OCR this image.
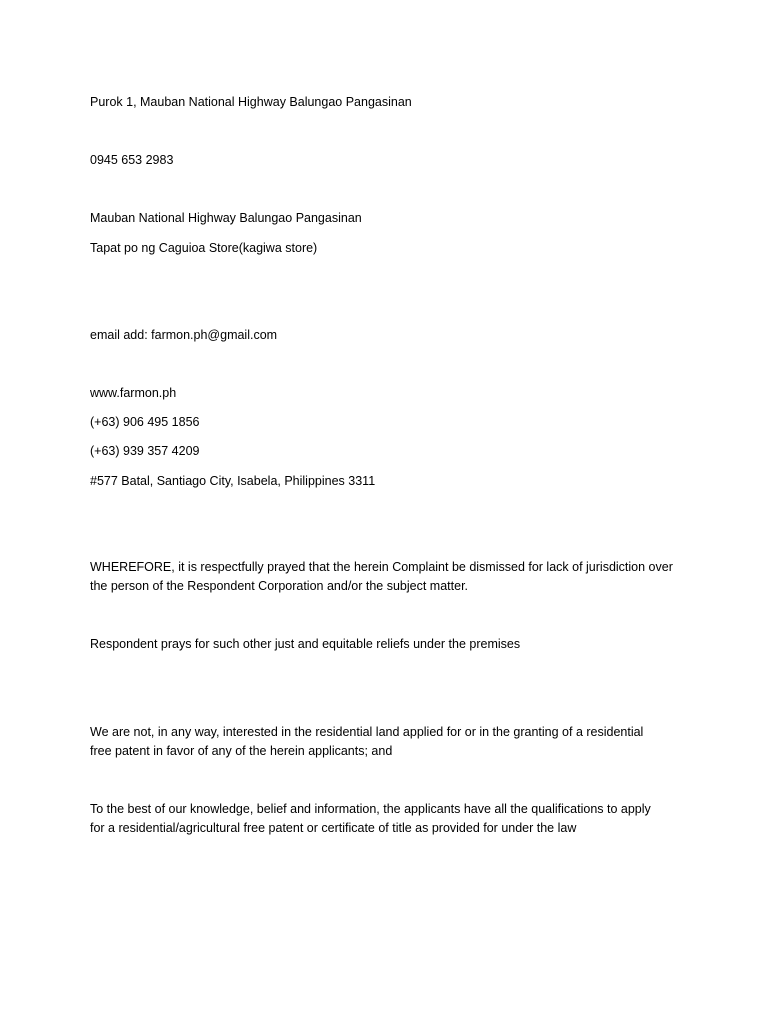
Purok 1, Mauban National Highway Balungao Pangasinan
0945 653 2983
Mauban National Highway Balungao Pangasinan
Tapat po ng Caguioa Store(kagiwa store)
email add: farmon.ph@gmail.com
www.farmon.ph
(+63) 906 495 1856
(+63) 939 357 4209
#577 Batal, Santiago City, Isabela, Philippines 3311
WHEREFORE, it is respectfully prayed that the herein Complaint be dismissed for lack of jurisdiction over
the person of the Respondent Corporation and/or the subject matter.
Respondent prays for such other just and equitable reliefs under the premises
We are not, in any way, interested in the residential land applied for or in the granting of a residential
free patent in favor of any of the herein applicants; and
To the best of our knowledge, belief and information, the applicants have all the qualifications to apply
for a residential/agricultural free patent or certificate of title as provided for under the law
